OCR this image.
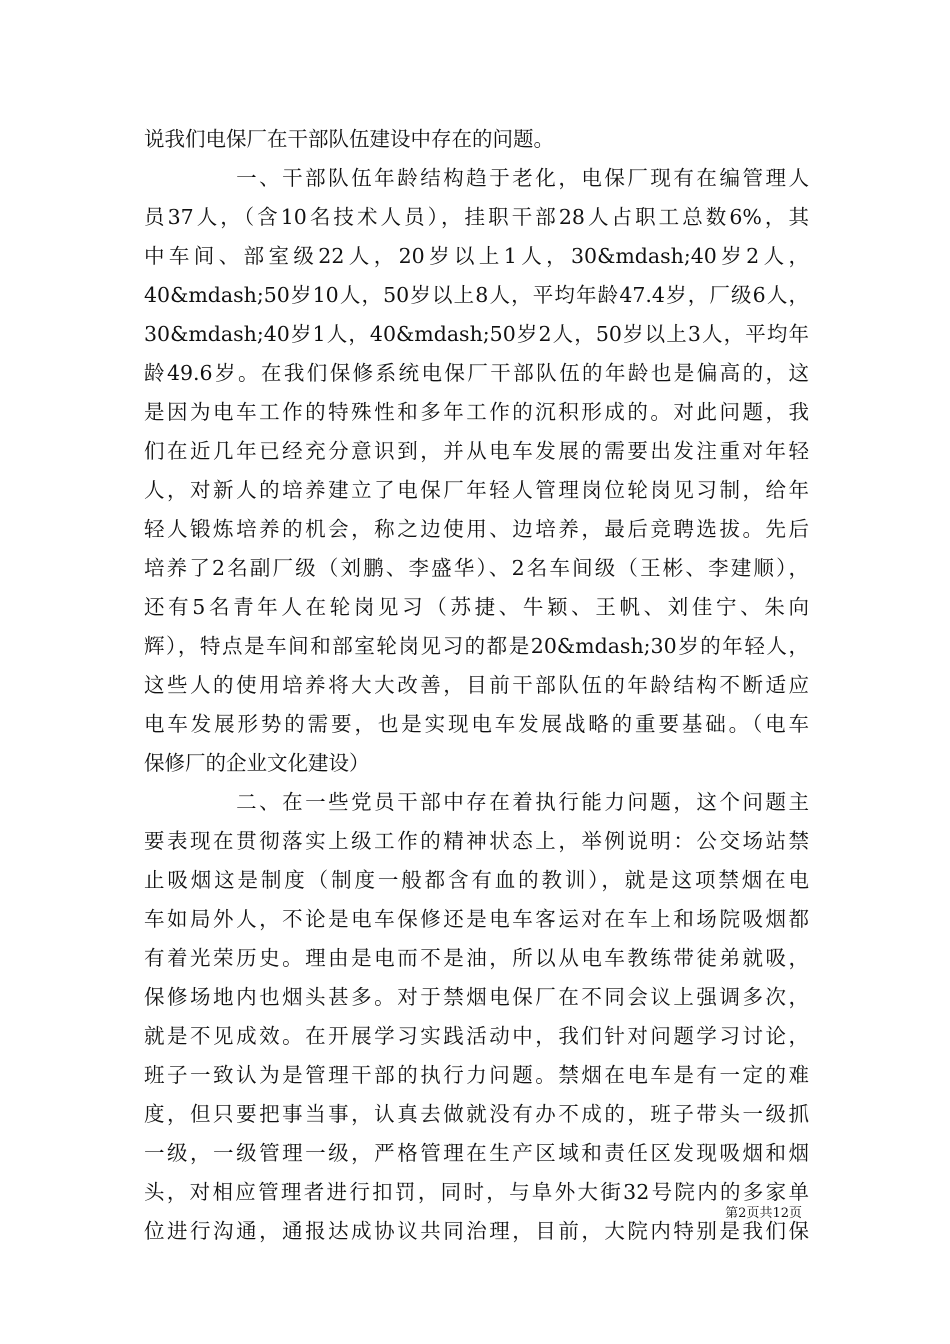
说我们电保厂在干部队伍建设中存在的问题。
　　　　一、干部队伍年龄结构趋于老化，电保厂现有在编管理人
员37人，（含10名技术人员），挂职干部28人占职工总数6%，其
中车间、部室级22人，20岁以上1人，30&mdash;40岁2人，
40&mdash;50岁10人，50岁以上8人，平均年龄47.4岁，厂级6人，
30&mdash;40岁1人，40&mdash;50岁2人，50岁以上3人，平均年
龄49.6岁。在我们保修系统电保厂干部队伍的年龄也是偏高的，这
是因为电车工作的特殊性和多年工作的沉积形成的。对此问题，我
们在近几年已经充分意识到，并从电车发展的需要出发注重对年轻
人，对新人的培养建立了电保厂年轻人管理岗位轮岗见习制，给年
轻人锻炼培养的机会，称之边使用、边培养，最后竞聘选拔。先后
培养了2名副厂级（刘鹏、李盛华）、2名车间级（王彬、李建顺），
还有5名青年人在轮岗见习（苏捷、牛颖、王帆、刘佳宁、朱向
辉），特点是车间和部室轮岗见习的都是20&mdash;30岁的年轻人，
这些人的使用培养将大大改善，目前干部队伍的年龄结构不断适应
电车发展形势的需要，也是实现电车发展战略的重要基础。（电车
保修厂的企业文化建设）
　　　　二、在一些党员干部中存在着执行能力问题，这个问题主
要表现在贯彻落实上级工作的精神状态上，举例说明：公交场站禁
止吸烟这是制度（制度一般都含有血的教训），就是这项禁烟在电
车如局外人，不论是电车保修还是电车客运对在车上和场院吸烟都
有着光荣历史。理由是电而不是油，所以从电车教练带徒弟就吸，
保修场地内也烟头甚多。对于禁烟电保厂在不同会议上强调多次，
就是不见成效。在开展学习实践活动中，我们针对问题学习讨论，
班子一致认为是管理干部的执行力问题。禁烟在电车是有一定的难
度，但只要把事当事，认真去做就没有办不成的，班子带头一级抓
一级，一级管理一级，严格管理在生产区域和责任区发现吸烟和烟
头，对相应管理者进行扣罚，同时，与阜外大街32号院内的多家单
位进行沟通，通报达成协议共同治理，目前，大院内特别是我们保
第2页共12页
